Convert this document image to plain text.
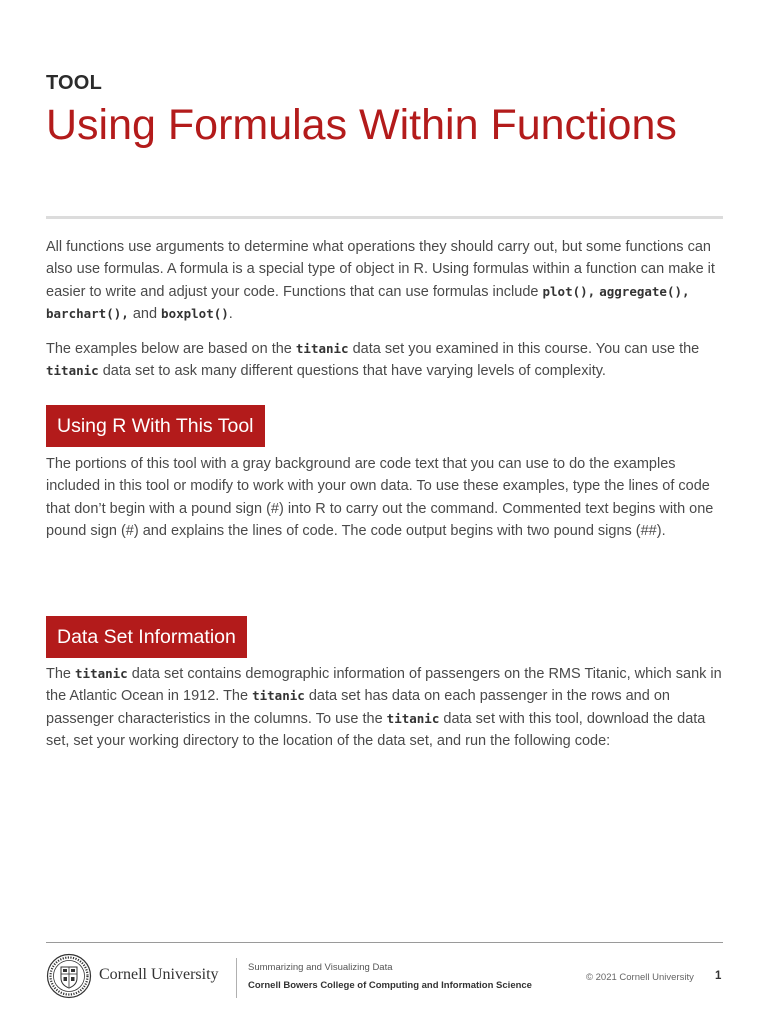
TOOL
Using Formulas Within Functions

All functions use arguments to determine what operations they should carry out, but some functions can also use formulas. A formula is a special type of object in R. Using formulas within a function can make it easier to write and adjust your code. Functions that can use formulas include plot(), aggregate(), barchart(), and boxplot().

The examples below are based on the titanic data set you examined in this course. You can use the titanic data set to ask many different questions that have varying levels of complexity.

Using R With This Tool

The portions of this tool with a gray background are code text that you can use to do the examples included in this tool or modify to work with your own data. To use these examples, type the lines of code that don’t begin with a pound sign (#) into R to carry out the command. Commented text begins with one pound sign (#) and explains the lines of code. The code output begins with two pound signs (##).

Data Set Information

The titanic data set contains demographic information of passengers on the RMS Titanic, which sank in the Atlantic Ocean in 1912. The titanic data set has data on each passenger in the rows and on passenger characteristics in the columns. To use the titanic data set with this tool, download the data set, set your working directory to the location of the data set, and run the following code:

Cornell University	Summarizing and Visualizing Data
Cornell Bowers College of Computing and Information Science
© 2021 Cornell University 1
